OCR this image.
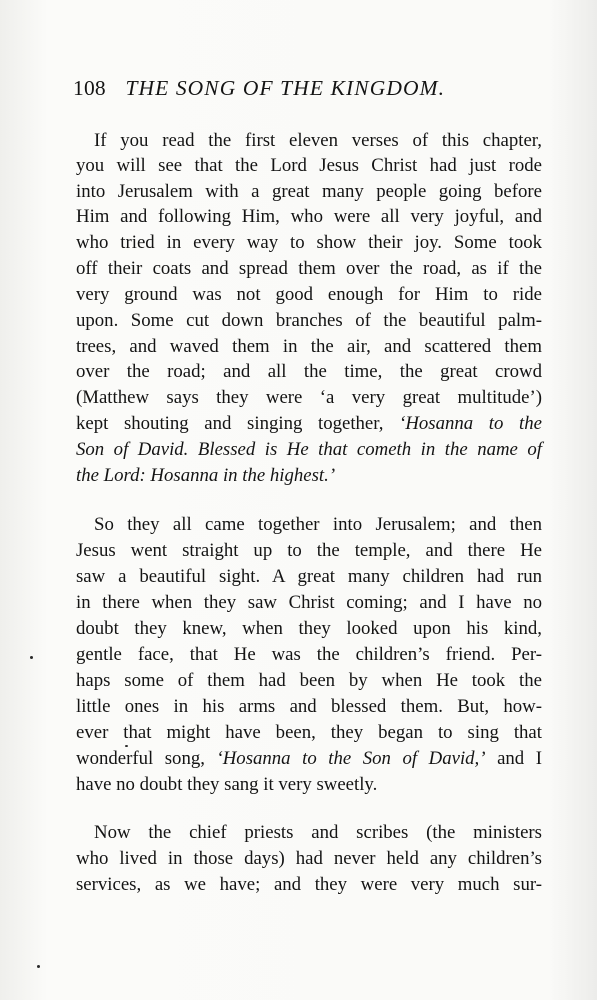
108 THE SONG OF THE KINGDOM.
If you read the first eleven verses of this chapter,
you will see that the Lord Jesus Christ had just rode
into Jerusalem with a great many people going before
Him and following Him, who were all very joyful, and
who tried in every way to show their joy. Some took
off their coats and spread them over the road, as if the
very ground was not good enough for Him to ride
upon. Some cut down branches of the beautiful palm-
trees, and waved them in the air, and scattered them
over the road; and all the time, the great crowd
(Matthew says they were ‘a very great multitude’)
kept shouting and singing together, ‘Hosanna to the
Son of David. Blessed is He that cometh in the name of
the Lord: Hosanna in the highest.’
So they all came together into Jerusalem; and then
Jesus went straight up to the temple, and there He
saw a beautiful sight. A great many children had run
in there when they saw Christ coming; and I have no
doubt they knew, when they looked upon his kind,
gentle face, that He was the children’s friend. Per-
haps some of them had been by when He took the
little ones in his arms and blessed them. But, how-
ever that might have been, they began to sing that
wonderful song, ‘Hosanna to the Son of David,’ and I
have no doubt they sang it very sweetly.
Now the chief priests and scribes (the ministers
who lived in those days) had never held any children’s
services, as we have; and they were very much sur-
